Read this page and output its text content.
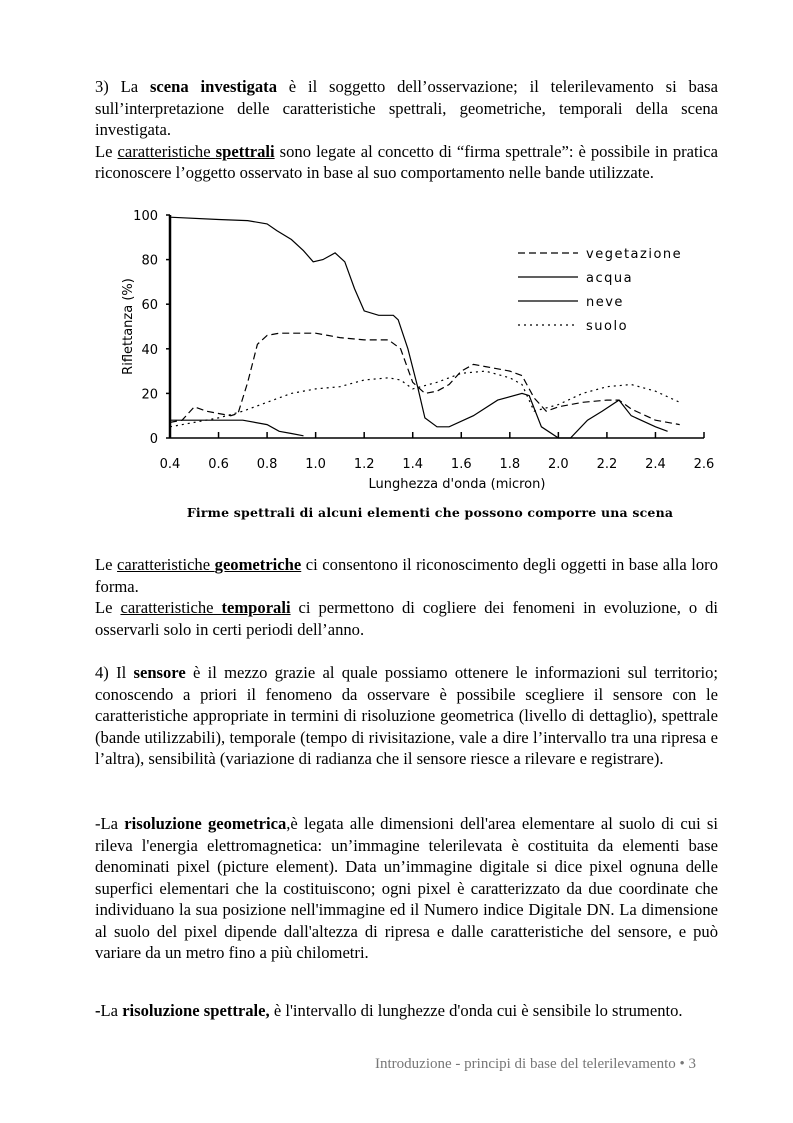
3) La scena investigata è il soggetto dell’osservazione; il telerilevamento si basa sull’interpretazione delle caratteristiche spettrali, geometriche, temporali della scena investigata.

Le caratteristiche spettrali sono legate al concetto di “firma spettrale”: è possibile in pratica riconoscere l’oggetto osservato in base al suo comportamento nelle bande utilizzate.

0
20
40
60
80
100
0.4 0.6 0.8 1.0 1.2 1.4 1.6 1.8 2.0 2.2 2.4 2.6
Lunghezza d'onda (micron)
Riflettanza (%)
vegetazione
acqua
neve
suolo
Firme spettrali di alcuni elementi che possono comporre una scena

Le caratteristiche geometriche ci consentono il riconoscimento degli oggetti in base alla loro forma.

Le caratteristiche temporali ci permettono di cogliere dei fenomeni in evoluzione, o di osservarli solo in certi periodi dell’anno.

4) Il sensore è il mezzo grazie al quale possiamo ottenere le informazioni sul territorio; conoscendo a priori il fenomeno da osservare è possibile scegliere il sensore con le caratteristiche appropriate in termini di risoluzione geometrica (livello di dettaglio), spettrale (bande utilizzabili), temporale (tempo di rivisitazione, vale a dire l’intervallo tra una ripresa e l’altra), sensibilità (variazione di radianza che il sensore riesce a rilevare e registrare).

-La risoluzione geometrica,è legata alle dimensioni dell'area elementare al suolo di cui si rileva l'energia elettromagnetica: un’immagine telerilevata è costituita da elementi base denominati pixel (picture element). Data un’immagine digitale si dice pixel ognuna delle superfici elementari che la costituiscono; ogni pixel è caratterizzato da due coordinate che individuano la sua posizione nell'immagine ed il Numero indice Digitale DN. La dimensione al suolo del pixel dipende dall'altezza di ripresa e dalle caratteristiche del sensore, e può variare da un metro fino a più chilometri.

-La risoluzione spettrale, è l'intervallo di lunghezze d'onda cui è sensibile lo strumento.

Introduzione - principi di base del telerilevamento • 3
